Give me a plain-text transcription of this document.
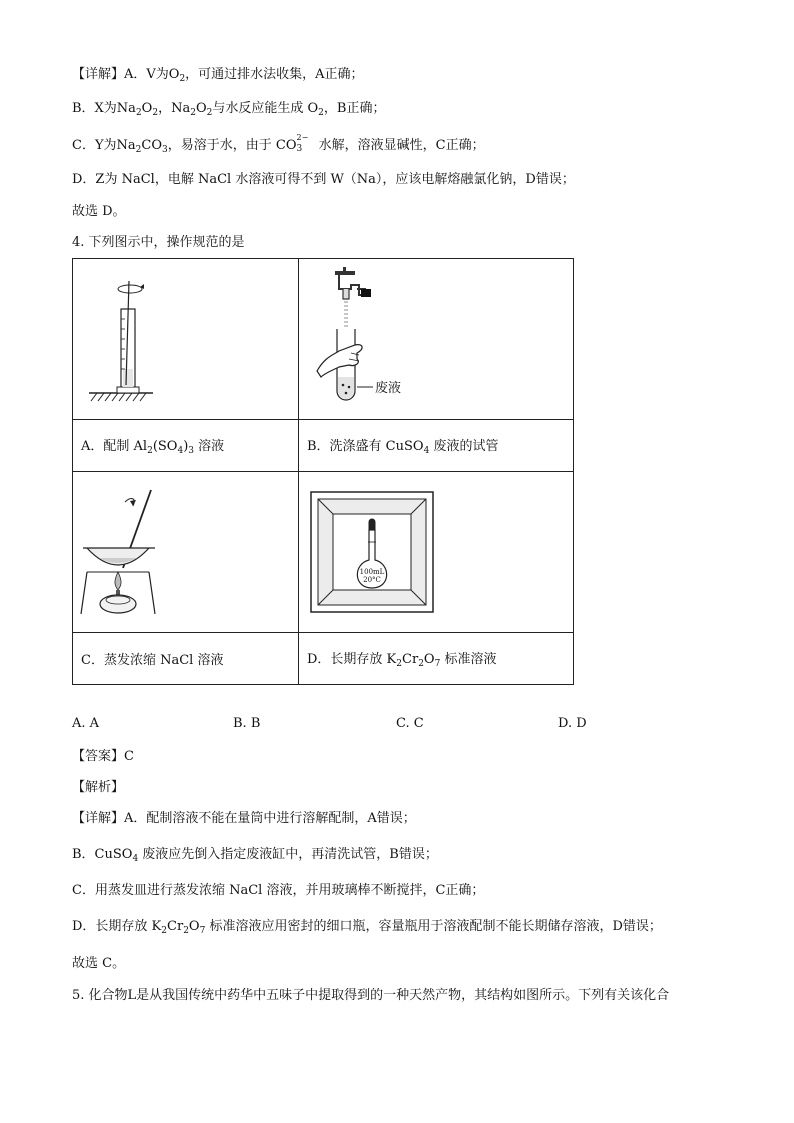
【详解】A．V为$O_2$，可通过排水法收集，A正确；
B．X为$Na_2O_2$，$Na_2O_2$与水反应能生成 $O_2$，B正确；
C．Y为$Na_2CO_3$，易溶于水，由于 CO
2−
3 水解，溶液显碱性，C正确；
D．Z为 NaCl，电解 NaCl 水溶液可得不到 W（Na），应该电解熔融氯化钠，D错误；
故选 D。
4. 下列图示中，操作规范的是

废液

A．配制 $Al_2(SO_4)_3$ 溶液	B．洗涤盛有 CuSO$_4$ 废液的试管

100mL
20°C

C．蒸发浓缩 NaCl 溶液	D．长期存放 $K_2Cr_2O_7$ 标准溶液
A. A	B. B	C. C	D. D
【答案】C
【解析】
【详解】A．配制溶液不能在量筒中进行溶解配制，A错误；
B．CuSO$_4$ 废液应先倒入指定废液缸中，再清洗试管，B错误；
C．用蒸发皿进行蒸发浓缩 NaCl 溶液，并用玻璃棒不断搅拌，C正确；
D．长期存放 $K_2Cr_2O_7$ 标准溶液应用密封的细口瓶，容量瓶用于溶液配制不能长期储存溶液，D错误；
故选 C。
5. 化合物L是从我国传统中药华中五味子中提取得到的一种天然产物，其结构如图所示。下列有关该化合
